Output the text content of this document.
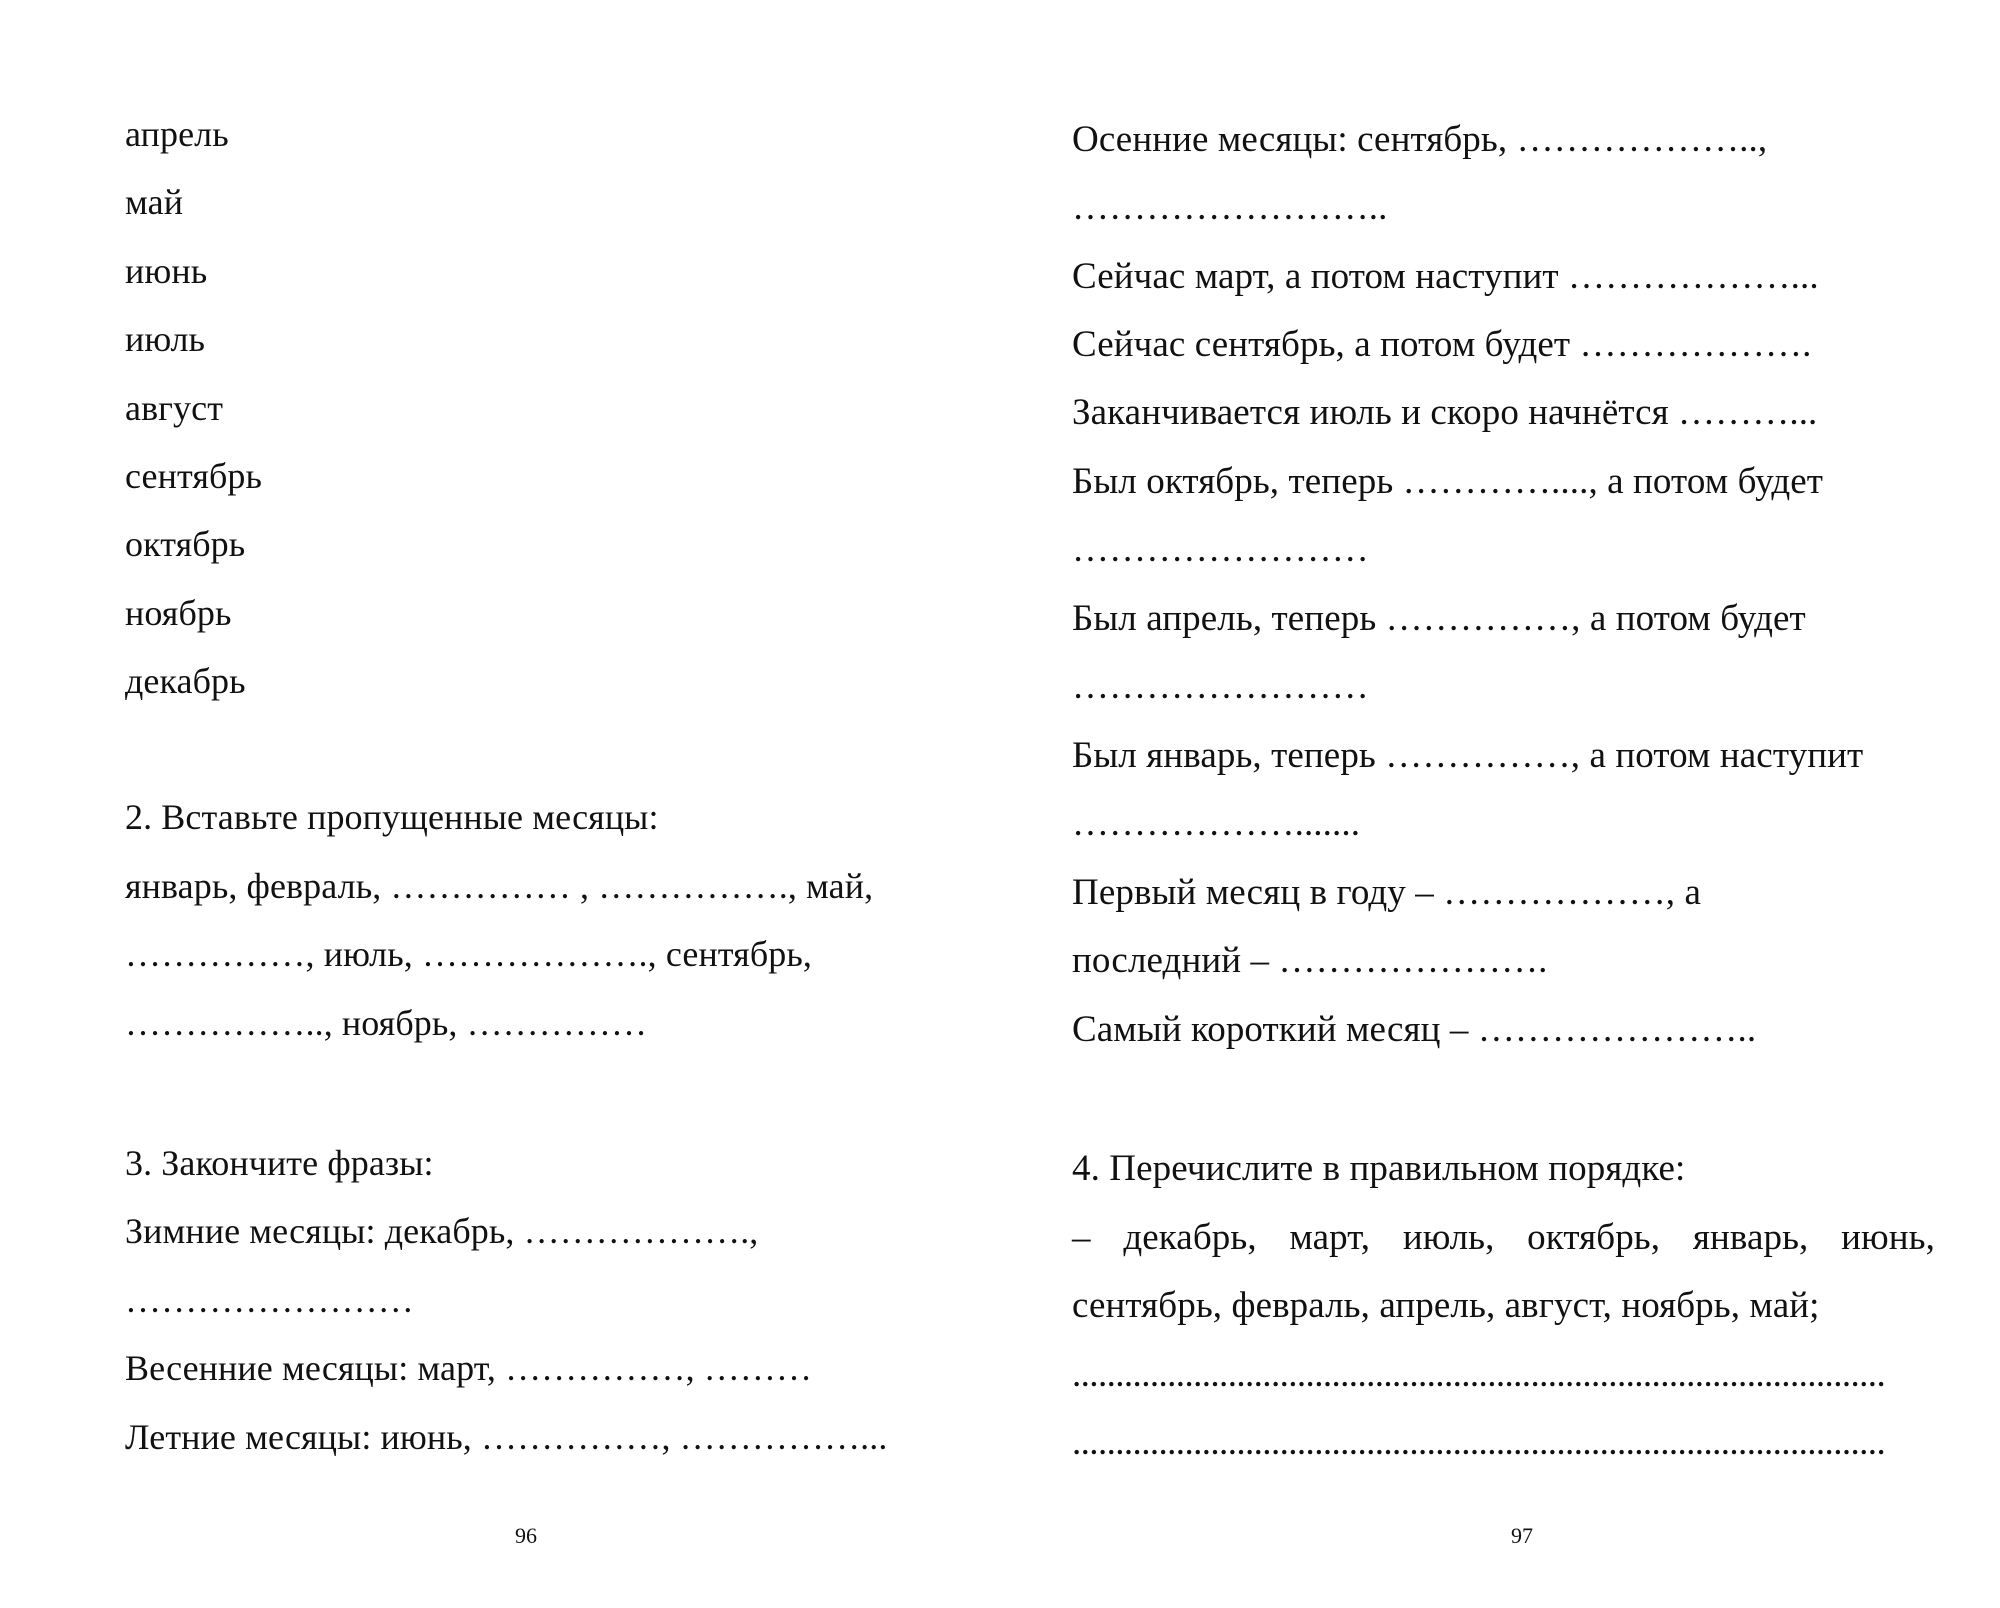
апрель
май
июнь
июль
август
сентябрь
октябрь
ноябрь
декабрь
2. Вставьте пропущенные месяцы:
январь, февраль, …………… , ……………., май,
……………, июль, ………………., сентябрь,
…………….., ноябрь, ……………
3. Закончите фразы:
Зимние месяцы: декабрь, ……………….,
……………………
Весенние месяцы: март, ……………, ………
Летние месяцы: июнь, ……………, ……………...
96
Осенние месяцы: сентябрь, ………………..,
……………………..
Сейчас март, а потом наступит ………………...
Сейчас сентябрь, а потом будет ……………….
Заканчивается июль и скоро начнётся ………...
Был октябрь, теперь …………...., а потом будет
……………………
Был апрель, теперь ……………, а потом будет
……………………
Был январь, теперь ……………, а потом наступит
……………….......
Первый месяц в году – ………………, а
последний – ………………….
Самый короткий месяц – …………………..
4. Перечислите в правильном порядке:
– декабрь, март, июль, октябрь, январь, июнь,
сентябрь, февраль, апрель, август, ноябрь, май;
..............................................................................................
..............................................................................................
97
